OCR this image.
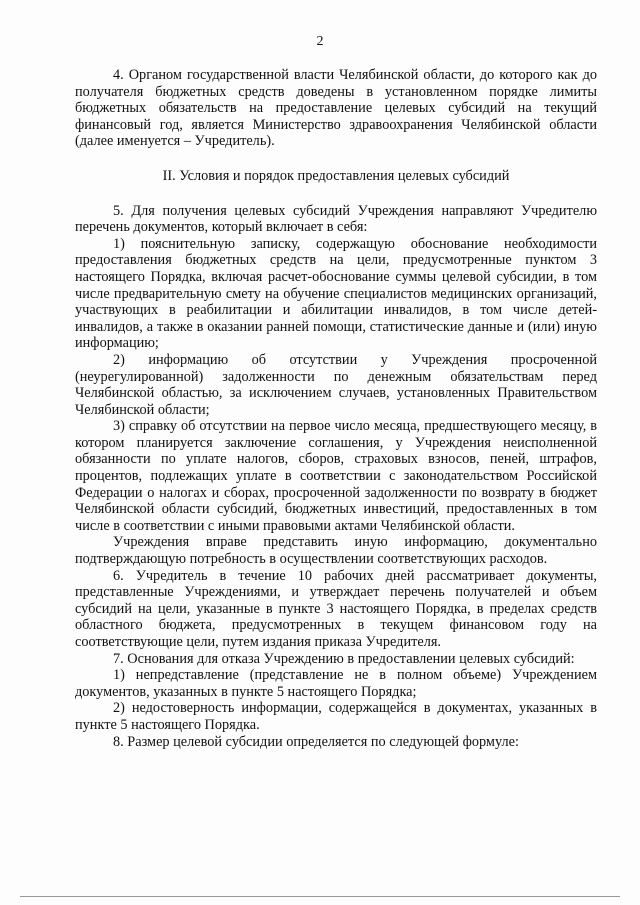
2

4. Органом государственной власти Челябинской области, до которого как до получателя бюджетных средств доведены в установленном порядке лимиты бюджетных обязательств на предоставление целевых субсидий на текущий финансовый год, является Министерство здравоохранения Челябинской области (далее именуется – Учредитель).

II. Условия и порядок предоставления целевых субсидий

5. Для получения целевых субсидий Учреждения направляют Учредителю перечень документов, который включает в себя:

1) пояснительную записку, содержащую обоснование необходимости предоставления бюджетных средств на цели, предусмотренные пунктом 3 настоящего Порядка, включая расчет-обоснование суммы целевой субсидии, в том числе предварительную смету на обучение специалистов медицинских организаций, участвующих в реабилитации и абилитации инвалидов, в том числе детей-инвалидов, а также в оказании ранней помощи, статистические данные и (или) иную информацию;

2) информацию об отсутствии у Учреждения просроченной (неурегулированной) задолженности по денежным обязательствам перед Челябинской областью, за исключением случаев, установленных Правительством Челябинской области;

3) справку об отсутствии на первое число месяца, предшествующего месяцу, в котором планируется заключение соглашения, у Учреждения неисполненной обязанности по уплате налогов, сборов, страховых взносов, пеней, штрафов, процентов, подлежащих уплате в соответствии с законодательством Российской Федерации о налогах и сборах, просроченной задолженности по возврату в бюджет Челябинской области субсидий, бюджетных инвестиций, предоставленных в том числе в соответствии с иными правовыми актами Челябинской области.

Учреждения вправе представить иную информацию, документально подтверждающую потребность в осуществлении соответствующих расходов.

6. Учредитель в течение 10 рабочих дней рассматривает документы, представленные Учреждениями, и утверждает перечень получателей и объем субсидий на цели, указанные в пункте 3 настоящего Порядка, в пределах средств областного бюджета, предусмотренных в текущем финансовом году на соответствующие цели, путем издания приказа Учредителя.

7. Основания для отказа Учреждению в предоставлении целевых субсидий:

1) непредставление (представление не в полном объеме) Учреждением документов, указанных в пункте 5 настоящего Порядка;

2) недостоверность информации, содержащейся в документах, указанных в пункте 5 настоящего Порядка.

8. Размер целевой субсидии определяется по следующей формуле:
